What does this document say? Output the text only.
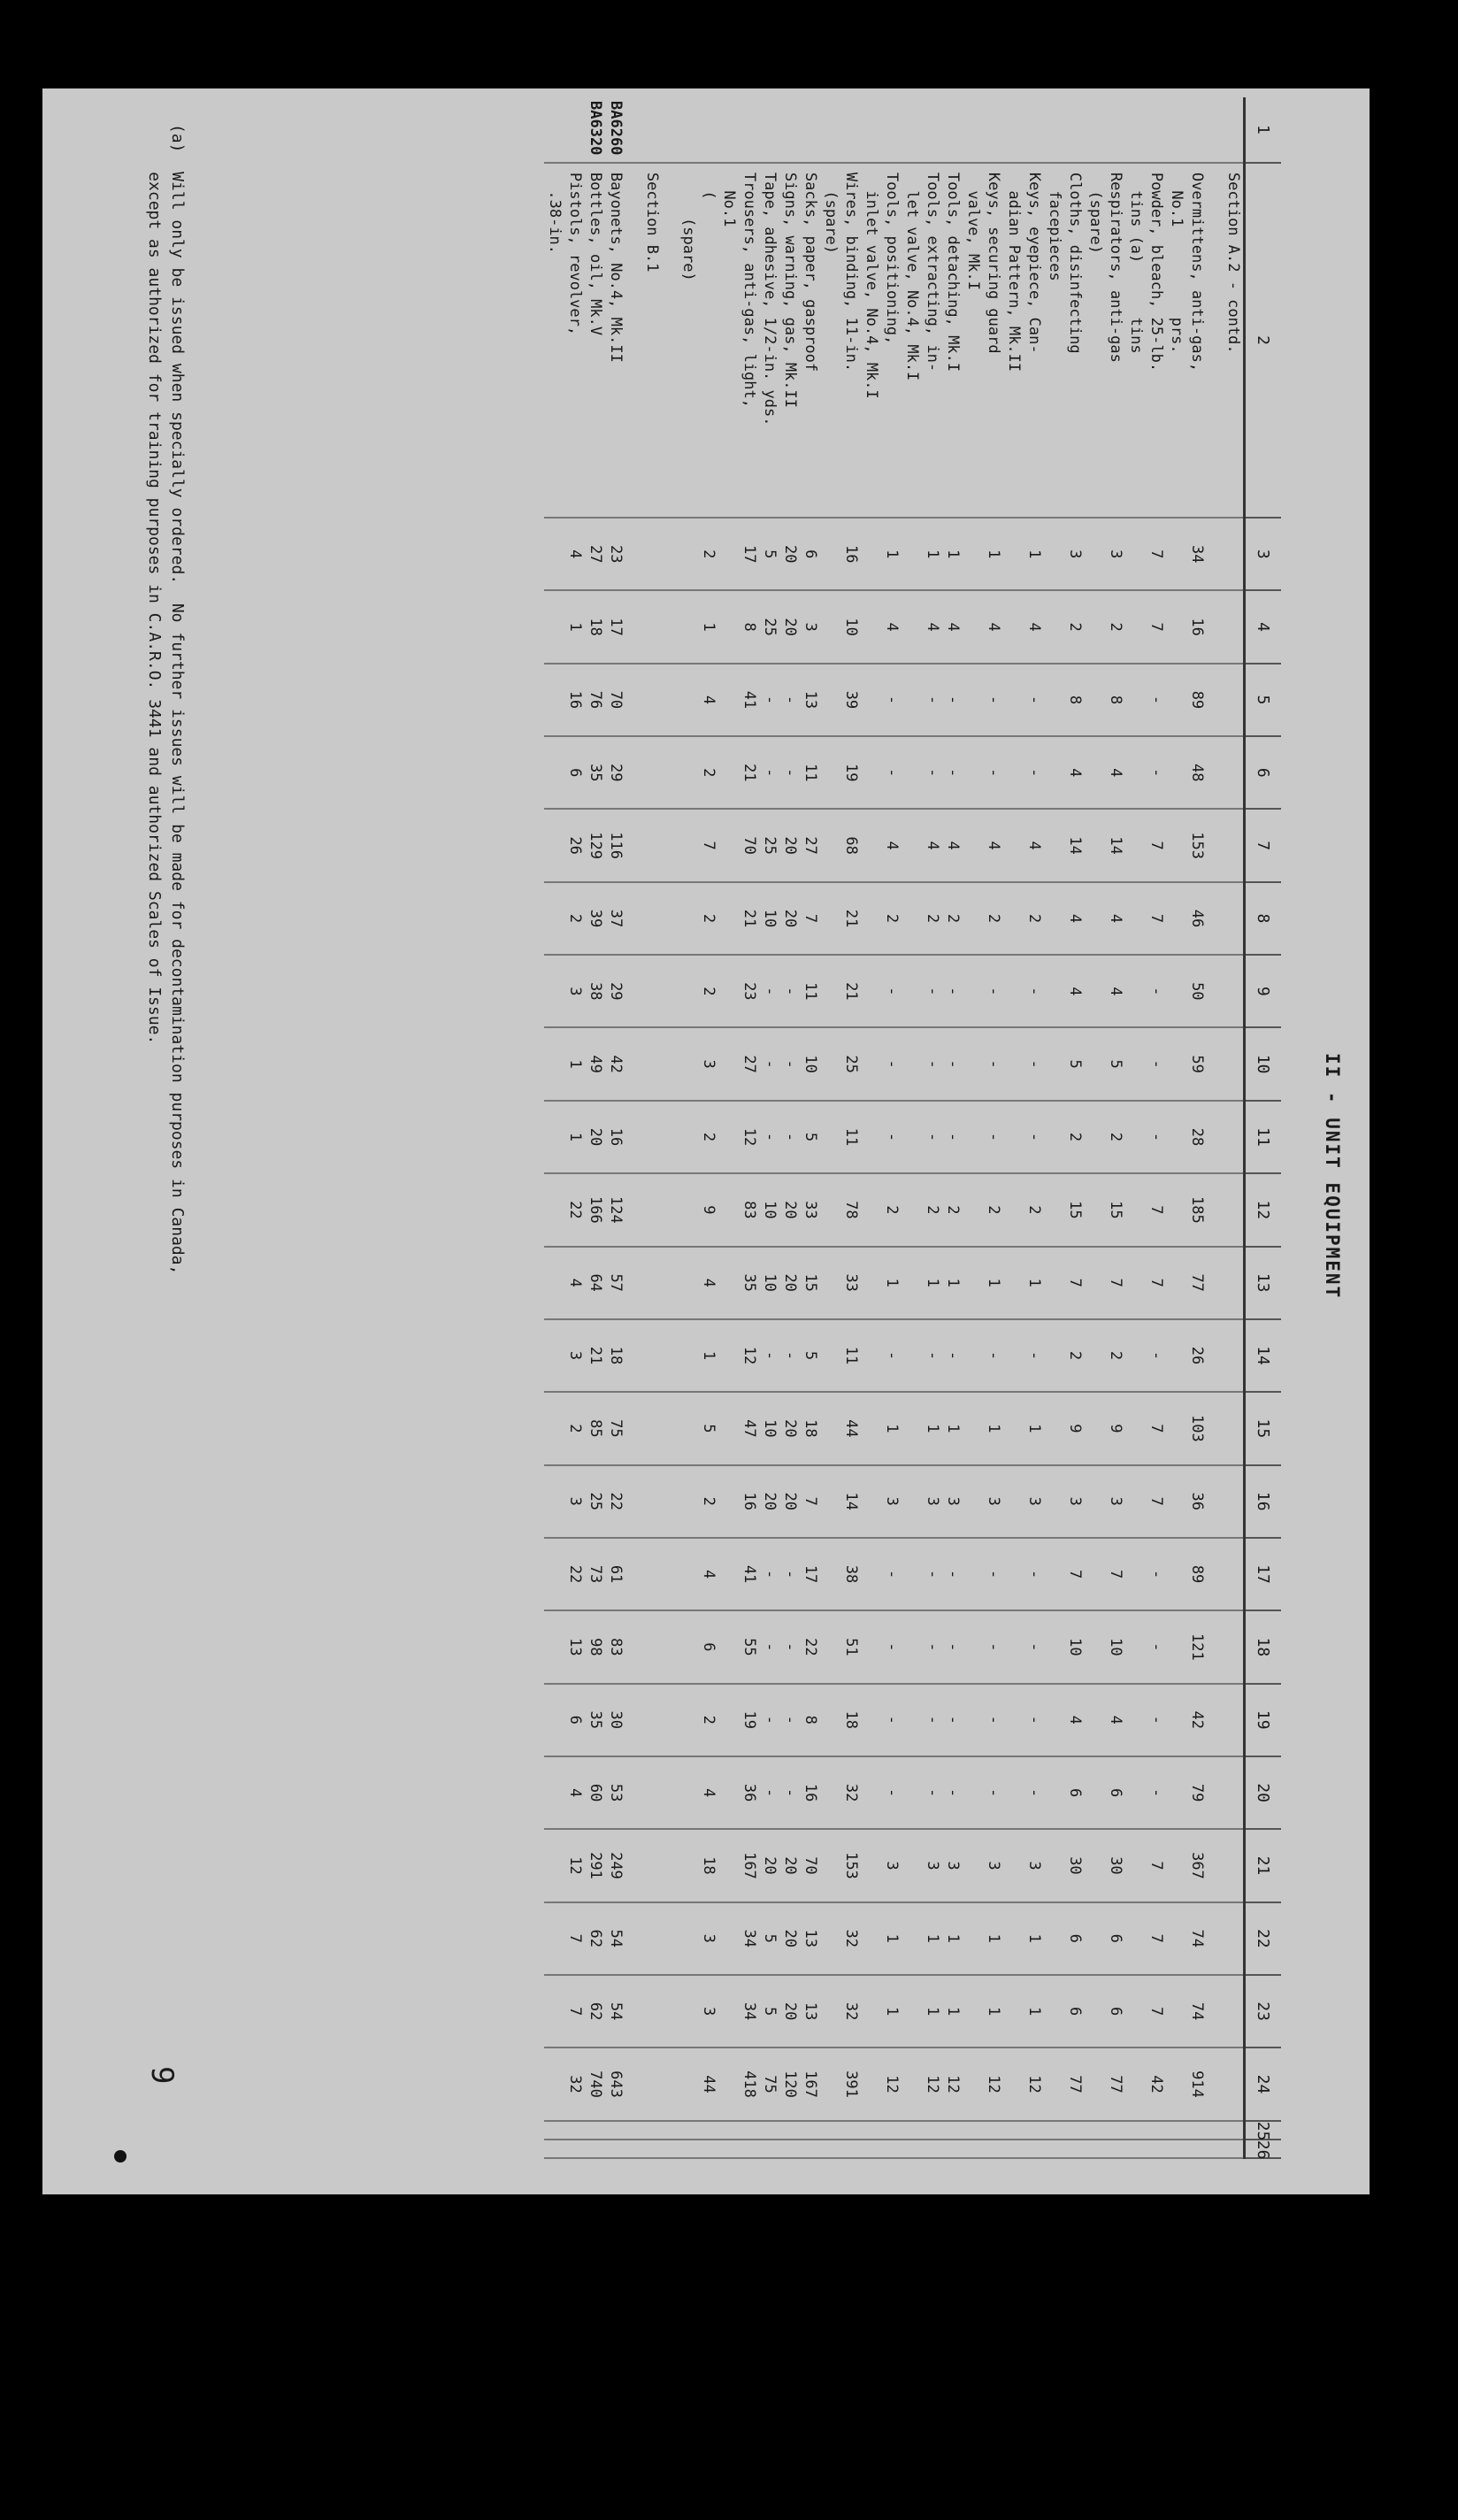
II - UNIT EQUIPMENT
1	2	3	4	5	6	7	8	9	10	11	12	13	14	15	16	17	18	19	20	21	22	23	24	25	26
	Section A.2 - contd.																								

	Overmittens, anti-gas,
No.1          prs.	34	16	89	48	153	46	50	59	28	185	77	26	103	36	89	121	42	79	367	74	74	914		
	Powder, bleach, 25-lb.
tins (a)      tins	7	7	-	-	7	7	-	-	-	7	7	-	7	7	-	-	-	-	7	7	7	42		
	Respirators, anti-gas
(spare)	3	2	8	4	14	4	4	5	2	15	7	2	9	3	7	10	4	6	30	6	6	77		
	Cloths, disinfecting
facepieces	3	2	8	4	14	4	4	5	2	15	7	2	9	3	7	10	4	6	30	6	6	77		
	Keys, eyepiece, Can-
adian Pattern, Mk.II	1	4	-	-	4	2	-	-	-	2	1	-	1	3	-	-	-	-	3	1	1	12		
	Keys, securing guard
valve, Mk.I	1	4	-	-	4	2	-	-	-	2	1	-	1	3	-	-	-	-	3	1	1	12		
	Tools, detaching, Mk.I	1	4	-	-	4	2	-	-	-	2	1	-	1	3	-	-	-	-	3	1	1	12		
	Tools, extracting, in-
let valve, No.4, Mk.I	1	4	-	-	4	2	-	-	-	2	1	-	1	3	-	-	-	-	3	1	1	12		
	Tools, positioning,
inlet valve, No.4, Mk.I	1	4	-	-	4	2	-	-	-	2	1	-	1	3	-	-	-	-	3	1	1	12		
	Wires, binding, 11-in.
(spare)	16	10	39	19	68	21	21	25	11	78	33	11	44	14	38	51	18	32	153	32	32	391		
	Sacks, paper, gasproof	6	3	13	11	27	7	11	10	5	33	15	5	18	7	17	22	8	16	70	13	13	167		
	Signs, warning, gas, Mk.II	20	20	-	-	20	20	-	-	-	20	20	-	20	20	-	-	-	-	20	20	20	120		
	Tape, adhesive, 1/2-in. yds.	5	25	-	-	25	10	-	-	-	10	10	-	10	20	-	-	-	-	20	5	5	75		
	Trousers, anti-gas, light,
No.1	17	8	41	21	70	21	23	27	12	83	35	12	47	16	41	55	19	36	167	34	34	418		
	(
(spare)	2	1	4	2	7	2	2	3	2	9	4	1	5	2	4	6	2	4	18	3	3	44		

	Section B.1																								

BA6260	Bayonets, No.4, Mk.II	23	17	70	29	116	37	29	42	16	124	57	18	75	22	61	83	30	53	249	54	54	643		
BA6320	Bottles, oil, Mk.V	27	18	76	35	129	39	38	49	20	166	64	21	85	25	73	98	35	60	291	62	62	740		
	Pistols, revolver,
.38-in.	4	1	16	6	26	2	3	1	1	22	4	3	2	3	22	13	6	4	12	7	7	32		
(a)  Will only be issued when specially ordered.  No further issues will be made for decontamination purposes in Canada,
except as authorized for training purposes in C.A.R.O. 3441 and authorized Scales of Issue.
9
